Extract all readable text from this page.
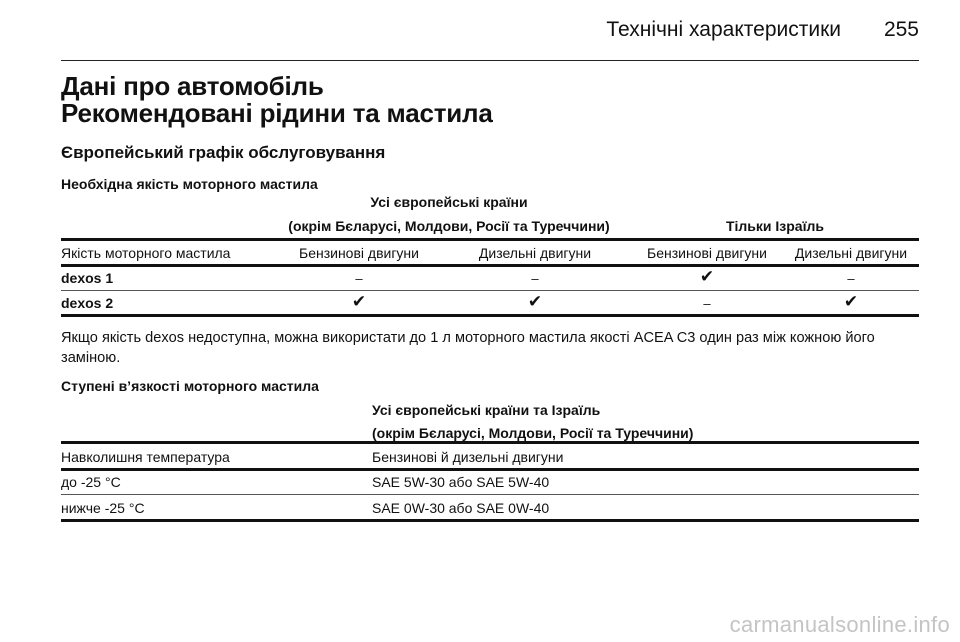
Технічні характеристики 255
Дані про автомобіль
Рекомендовані рідини та мастила
Європейський графік обслуговування
Необхідна якість моторного мастила
Усі європейські країни
(окрім Бєларусі, Молдови, Росії та Туреччини)	Тільки Ізраїль
Якість моторного мастила	Бензинові двигуни	Дизельні двигуни	Бензинові двигуни	Дизельні двигуни
dexos 1	–	–	✔	–
dexos 2	✔	✔	–	✔
Якщо якість dexos недоступна, можна використати до 1 л моторного мастила якості ACEA C3 один раз між кожною його заміною.
Ступені в’язкості моторного мастила
Усі європейські країни та Ізраїль
(окрім Бєларусі, Молдови, Росії та Туреччини)
Навколишня температура	Бензинові й дизельні двигуни
до -25 °C	SAE 5W-30 або SAE 5W-40
нижче -25 °C	SAE 0W-30 або SAE 0W-40
carmanualsonline.info
